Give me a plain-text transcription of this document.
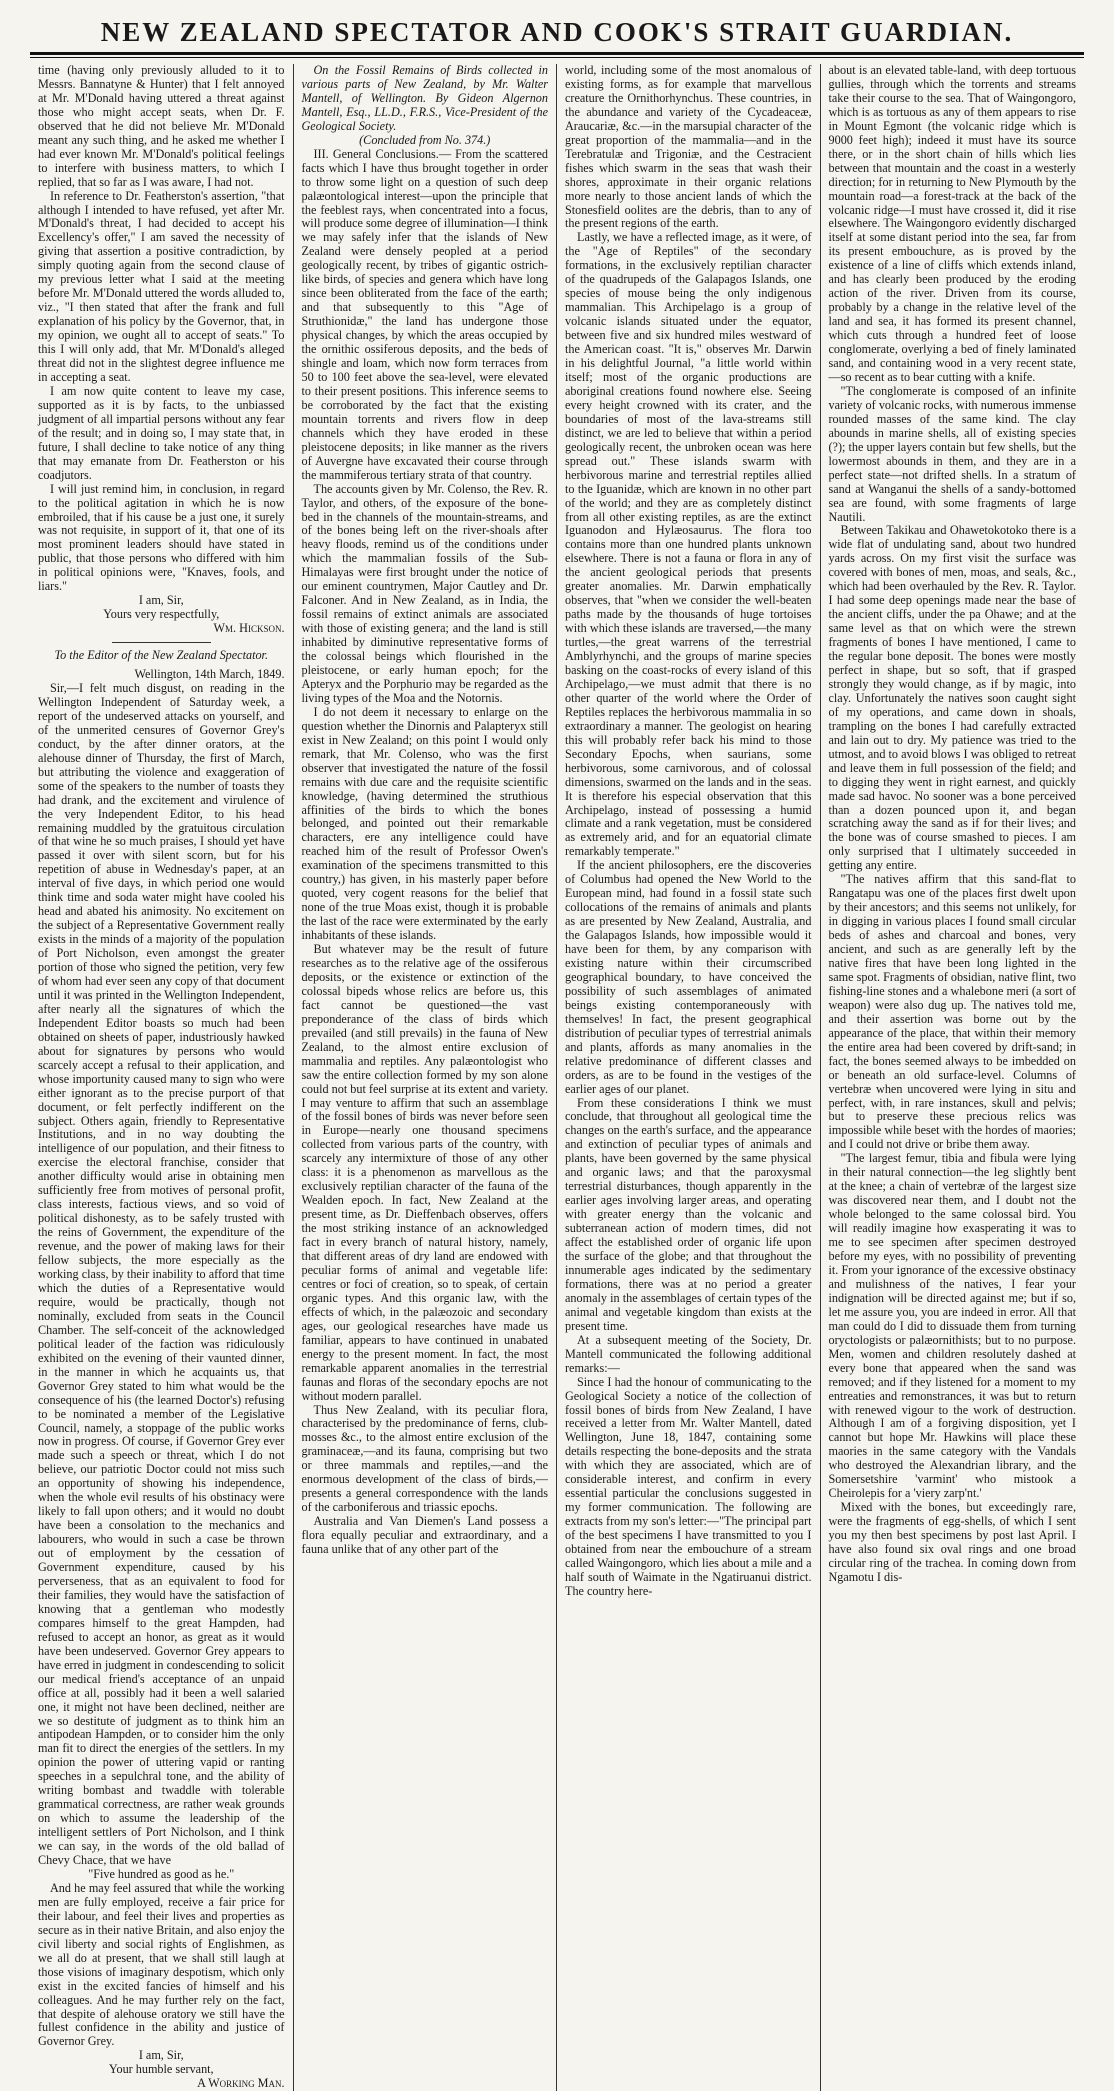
NEW ZEALAND SPECTATOR AND COOK'S STRAIT GUARDIAN.

time (having only previously alluded to it to Messrs. Bannatyne & Hunter) that I felt annoyed at Mr. M'Donald having uttered a threat against those who might accept seats, when Dr. F. observed that he did not believe Mr. M'Donald meant any such thing, and he asked me whether I had ever known Mr. M'Donald's political feelings to interfere with business matters, to which I replied, that so far as I was aware, I had not.

In reference to Dr. Featherston's assertion, "that although I intended to have refused, yet after Mr. M'Donald's threat, I had decided to accept his Excellency's offer," I am saved the necessity of giving that assertion a positive contradiction, by simply quoting again from the second clause of my previous letter what I said at the meeting before Mr. M'Donald uttered the words alluded to, viz., "I then stated that after the frank and full explanation of his policy by the Governor, that, in my opinion, we ought all to accept of seats." To this I will only add, that Mr. M'Donald's alleged threat did not in the slightest degree influence me in accepting a seat.

I am now quite content to leave my case, supported as it is by facts, to the unbiassed judgment of all impartial persons without any fear of the result; and in doing so, I may state that, in future, I shall decline to take notice of any thing that may emanate from Dr. Featherston or his coadjutors.

I will just remind him, in conclusion, in regard to the political agitation in which he is now embroiled, that if his cause be a just one, it surely was not requisite, in support of it, that one of its most prominent leaders should have stated in public, that those persons who differed with him in political opinions were, "Knaves, fools, and liars."

I am, Sir,

Yours very respectfully,

Wm. Hickson.

To the Editor of the New Zealand Spectator.

Wellington, 14th March, 1849.

Sir,—I felt much disgust, on reading in the Wellington Independent of Saturday week, a report of the undeserved attacks on yourself, and of the unmerited censures of Governor Grey's conduct, by the after dinner orators, at the alehouse dinner of Thursday, the first of March, but attributing the violence and exaggeration of some of the speakers to the number of toasts they had drank, and the excitement and virulence of the very Independent Editor, to his head remaining muddled by the gratuitous circulation of that wine he so much praises, I should yet have passed it over with silent scorn, but for his repetition of abuse in Wednesday's paper, at an interval of five days, in which period one would think time and soda water might have cooled his head and abated his animosity. No excitement on the subject of a Representative Government really exists in the minds of a majority of the population of Port Nicholson, even amongst the greater portion of those who signed the petition, very few of whom had ever seen any copy of that document until it was printed in the Wellington Independent, after nearly all the signatures of which the Independent Editor boasts so much had been obtained on sheets of paper, industriously hawked about for signatures by persons who would scarcely accept a refusal to their application, and whose importunity caused many to sign who were either ignorant as to the precise purport of that document, or felt perfectly indifferent on the subject. Others again, friendly to Representative Institutions, and in no way doubting the intelligence of our population, and their fitness to exercise the electoral franchise, consider that another difficulty would arise in obtaining men sufficiently free from motives of personal profit, class interests, factious views, and so void of political dishonesty, as to be safely trusted with the reins of Government, the expenditure of the revenue, and the power of making laws for their fellow subjects, the more especially as the working class, by their inability to afford that time which the duties of a Representative would require, would be practically, though not nominally, excluded from seats in the Council Chamber. The self-conceit of the acknowledged political leader of the faction was ridiculously exhibited on the evening of their vaunted dinner, in the manner in which he acquaints us, that Governor Grey stated to him what would be the consequence of his (the learned Doctor's) refusing to be nominated a member of the Legislative Council, namely, a stoppage of the public works now in progress. Of course, if Governor Grey ever made such a speech or threat, which I do not believe, our patriotic Doctor could not miss such an opportunity of showing his independence, when the whole evil results of his obstinacy were likely to fall upon others; and it would no doubt have been a consolation to the mechanics and labourers, who would in such a case be thrown out of employment by the cessation of Government expenditure, caused by his perverseness, that as an equivalent to food for their families, they would have the satisfaction of knowing that a gentleman who modestly compares himself to the great Hampden, had refused to accept an honor, as great as it would have been undeserved. Governor Grey appears to have erred in judgment in condescending to solicit our medical friend's acceptance of an unpaid office at all, possibly had it been a well salaried one, it might not have been declined, neither are we so destitute of judgment as to think him an antipodean Hampden, or to consider him the only man fit to direct the energies of the settlers. In my opinion the power of uttering vapid or ranting speeches in a sepulchral tone, and the ability of writing bombast and twaddle with tolerable grammatical correctness, are rather weak grounds on which to assume the leadership of the intelligent settlers of Port Nicholson, and I think we can say, in the words of the old ballad of Chevy Chace, that we have

"Five hundred as good as he."

And he may feel assured that while the working men are fully employed, receive a fair price for their labour, and feel their lives and properties as secure as in their native Britain, and also enjoy the civil liberty and social rights of Englishmen, as we all do at present, that we shall still laugh at those visions of imaginary despotism, which only exist in the excited fancies of himself and his colleagues. And he may further rely on the fact, that despite of alehouse oratory we still have the fullest confidence in the ability and justice of Governor Grey.

I am, Sir,

Your humble servant,

A Working Man.

On the Fossil Remains of Birds collected in various parts of New Zealand, by Mr. Walter Mantell, of Wellington. By Gideon Algernon Mantell, Esq., LL.D., F.R.S., Vice-President of the Geological Society.

(Concluded from No. 374.)

III. General Conclusions.— From the scattered facts which I have thus brought together in order to throw some light on a question of such deep palæontological interest—upon the principle that the feeblest rays, when concentrated into a focus, will produce some degree of illumination—I think we may safely infer that the islands of New Zealand were densely peopled at a period geologically recent, by tribes of gigantic ostrich-like birds, of species and genera which have long since been obliterated from the face of the earth; and that subsequently to this "Age of Struthionidæ," the land has undergone those physical changes, by which the areas occupied by the ornithic ossiferous deposits, and the beds of shingle and loam, which now form terraces from 50 to 100 feet above the sea-level, were elevated to their present positions. This inference seems to be corroborated by the fact that the existing mountain torrents and rivers flow in deep channels which they have eroded in these pleistocene deposits; in like manner as the rivers of Auvergne have excavated their course through the mammiferous tertiary strata of that country.

The accounts given by Mr. Colenso, the Rev. R. Taylor, and others, of the exposure of the bone-bed in the channels of the mountain-streams, and of the bones being left on the river-shoals after heavy floods, remind us of the conditions under which the mammalian fossils of the Sub-Himalayas were first brought under the notice of our eminent countrymen, Major Cautley and Dr. Falconer. And in New Zealand, as in India, the fossil remains of extinct animals are associated with those of existing genera; and the land is still inhabited by diminutive representative forms of the colossal beings which flourished in the pleistocene, or early human epoch; for the Apteryx and the Porphurio may be regarded as the living types of the Moa and the Notornis.

I do not deem it necessary to enlarge on the question whether the Dinornis and Palapteryx still exist in New Zealand; on this point I would only remark, that Mr. Colenso, who was the first observer that investigated the nature of the fossil remains with due care and the requisite scientific knowledge, (having determined the struthious affinities of the birds to which the bones belonged, and pointed out their remarkable characters, ere any intelligence could have reached him of the result of Professor Owen's examination of the specimens transmitted to this country,) has given, in his masterly paper before quoted, very cogent reasons for the belief that none of the true Moas exist, though it is probable the last of the race were exterminated by the early inhabitants of these islands.

But whatever may be the result of future researches as to the relative age of the ossiferous deposits, or the existence or extinction of the colossal bipeds whose relics are before us, this fact cannot be questioned—the vast preponderance of the class of birds which prevailed (and still prevails) in the fauna of New Zealand, to the almost entire exclusion of mammalia and reptiles. Any palæontologist who saw the entire collection formed by my son alone could not but feel surprise at its extent and variety. I may venture to affirm that such an assemblage of the fossil bones of birds was never before seen in Europe—nearly one thousand specimens collected from various parts of the country, with scarcely any intermixture of those of any other class: it is a phenomenon as marvellous as the exclusively reptilian character of the fauna of the Wealden epoch. In fact, New Zealand at the present time, as Dr. Dieffenbach observes, offers the most striking instance of an acknowledged fact in every branch of natural history, namely, that different areas of dry land are endowed with peculiar forms of animal and vegetable life: centres or foci of creation, so to speak, of certain organic types. And this organic law, with the effects of which, in the palæozoic and secondary ages, our geological researches have made us familiar, appears to have continued in unabated energy to the present moment. In fact, the most remarkable apparent anomalies in the terrestrial faunas and floras of the secondary epochs are not without modern parallel.

Thus New Zealand, with its peculiar flora, characterised by the predominance of ferns, club-mosses &c., to the almost entire exclusion of the graminaceæ,—and its fauna, comprising but two or three mammals and reptiles,—and the enormous development of the class of birds,—presents a general correspondence with the lands of the carboniferous and triassic epochs.

Australia and Van Diemen's Land possess a flora equally peculiar and extraordinary, and a fauna unlike that of any other part of the

world, including some of the most anomalous of existing forms, as for example that marvellous creature the Ornithorhynchus. These countries, in the abundance and variety of the Cycadeaceæ, Araucariæ, &c.—in the marsupial character of the great proportion of the mammalia—and in the Terebratulæ and Trigoniæ, and the Cestracient fishes which swarm in the seas that wash their shores, approximate in their organic relations more nearly to those ancient lands of which the Stonesfield oolites are the debris, than to any of the present regions of the earth.

Lastly, we have a reflected image, as it were, of the "Age of Reptiles" of the secondary formations, in the exclusively reptilian character of the quadrupeds of the Galapagos Islands, one species of mouse being the only indigenous mammalian. This Archipelago is a group of volcanic islands situated under the equator, between five and six hundred miles westward of the American coast. "It is," observes Mr. Darwin in his delightful Journal, "a little world within itself; most of the organic productions are aboriginal creations found nowhere else. Seeing every height crowned with its crater, and the boundaries of most of the lava-streams still distinct, we are led to believe that within a period geologically recent, the unbroken ocean was here spread out." These islands swarm with herbivorous marine and terrestrial reptiles allied to the Iguanidæ, which are known in no other part of the world; and they are as completely distinct from all other existing reptiles, as are the extinct Iguanodon and Hylæosaurus. The flora too contains more than one hundred plants unknown elsewhere. There is not a fauna or flora in any of the ancient geological periods that presents greater anomalies. Mr. Darwin emphatically observes, that "when we consider the well-beaten paths made by the thousands of huge tortoises with which these islands are traversed,—the many turtles,—the great warrens of the terrestrial Amblyrhynchi, and the groups of marine species basking on the coast-rocks of every island of this Archipelago,—we must admit that there is no other quarter of the world where the Order of Reptiles replaces the herbivorous mammalia in so extraordinary a manner. The geologist on hearing this will probably refer back his mind to those Secondary Epochs, when saurians, some herbivorous, some carnivorous, and of colossal dimensions, swarmed on the lands and in the seas. It is therefore his especial observation that this Archipelago, instead of possessing a humid climate and a rank vegetation, must be considered as extremely arid, and for an equatorial climate remarkably temperate."

If the ancient philosophers, ere the discoveries of Columbus had opened the New World to the European mind, had found in a fossil state such collocations of the remains of animals and plants as are presented by New Zealand, Australia, and the Galapagos Islands, how impossible would it have been for them, by any comparison with existing nature within their circumscribed geographical boundary, to have conceived the possibility of such assemblages of animated beings existing contemporaneously with themselves! In fact, the present geographical distribution of peculiar types of terrestrial animals and plants, affords as many anomalies in the relative predominance of different classes and orders, as are to be found in the vestiges of the earlier ages of our planet.

From these considerations I think we must conclude, that throughout all geological time the changes on the earth's surface, and the appearance and extinction of peculiar types of animals and plants, have been governed by the same physical and organic laws; and that the paroxysmal terrestrial disturbances, though apparently in the earlier ages involving larger areas, and operating with greater energy than the volcanic and subterranean action of modern times, did not affect the established order of organic life upon the surface of the globe; and that throughout the innumerable ages indicated by the sedimentary formations, there was at no period a greater anomaly in the assemblages of certain types of the animal and vegetable kingdom than exists at the present time.

At a subsequent meeting of the Society, Dr. Mantell communicated the following additional remarks:—

Since I had the honour of communicating to the Geological Society a notice of the collection of fossil bones of birds from New Zealand, I have received a letter from Mr. Walter Mantell, dated Wellington, June 18, 1847, containing some details respecting the bone-deposits and the strata with which they are associated, which are of considerable interest, and confirm in every essential particular the conclusions suggested in my former communication. The following are extracts from my son's letter:—"The principal part of the best specimens I have transmitted to you I obtained from near the embouchure of a stream called Waingongoro, which lies about a mile and a half south of Waimate in the Ngatiruanui district. The country here-

about is an elevated table-land, with deep tortuous gullies, through which the torrents and streams take their course to the sea. That of Waingongoro, which is as tortuous as any of them appears to rise in Mount Egmont (the volcanic ridge which is 9000 feet high); indeed it must have its source there, or in the short chain of hills which lies between that mountain and the coast in a westerly direction; for in returning to New Plymouth by the mountain road—a forest-track at the back of the volcanic ridge—I must have crossed it, did it rise elsewhere. The Waingongoro evidently discharged itself at some distant period into the sea, far from its present embouchure, as is proved by the existence of a line of cliffs which extends inland, and has clearly been produced by the eroding action of the river. Driven from its course, probably by a change in the relative level of the land and sea, it has formed its present channel, which cuts through a hundred feet of loose conglomerate, overlying a bed of finely laminated sand, and containing wood in a very recent state,—so recent as to bear cutting with a knife.

"The conglomerate is composed of an infinite variety of volcanic rocks, with numerous immense rounded masses of the same kind. The clay abounds in marine shells, all of existing species (?); the upper layers contain but few shells, but the lowermost abounds in them, and they are in a perfect state—not drifted shells. In a stratum of sand at Wanganui the shells of a sandy-bottomed sea are found, with some fragments of large Nautili.

Between Takikau and Ohawetokotoko there is a wide flat of undulating sand, about two hundred yards across. On my first visit the surface was covered with bones of men, moas, and seals, &c., which had been overhauled by the Rev. R. Taylor. I had some deep openings made near the base of the ancient cliffs, under the pa Ohawe; and at the same level as that on which were the strewn fragments of bones I have mentioned, I came to the regular bone deposit. The bones were mostly perfect in shape, but so soft, that if grasped strongly they would change, as if by magic, into clay. Unfortunately the natives soon caught sight of my operations, and came down in shoals, trampling on the bones I had carefully extracted and lain out to dry. My patience was tried to the utmost, and to avoid blows I was obliged to retreat and leave them in full possession of the field; and to digging they went in right earnest, and quickly made sad havoc. No sooner was a bone perceived than a dozen pounced upon it, and began scratching away the sand as if for their lives; and the bone was of course smashed to pieces. I am only surprised that I ultimately succeeded in getting any entire.

"The natives affirm that this sand-flat to Rangatapu was one of the places first dwelt upon by their ancestors; and this seems not unlikely, for in digging in various places I found small circular beds of ashes and charcoal and bones, very ancient, and such as are generally left by the native fires that have been long lighted in the same spot. Fragments of obsidian, native flint, two fishing-line stones and a whalebone meri (a sort of weapon) were also dug up. The natives told me, and their assertion was borne out by the appearance of the place, that within their memory the entire area had been covered by drift-sand; in fact, the bones seemed always to be imbedded on or beneath an old surface-level. Columns of vertebræ when uncovered were lying in situ and perfect, with, in rare instances, skull and pelvis; but to preserve these precious relics was impossible while beset with the hordes of maories; and I could not drive or bribe them away.

"The largest femur, tibia and fibula were lying in their natural connection—the leg slightly bent at the knee; a chain of vertebræ of the largest size was discovered near them, and I doubt not the whole belonged to the same colossal bird. You will readily imagine how exasperating it was to me to see specimen after specimen destroyed before my eyes, with no possibility of preventing it. From your ignorance of the excessive obstinacy and mulishness of the natives, I fear your indignation will be directed against me; but if so, let me assure you, you are indeed in error. All that man could do I did to dissuade them from turning oryctologists or palæornithists; but to no purpose. Men, women and children resolutely dashed at every bone that appeared when the sand was removed; and if they listened for a moment to my entreaties and remonstrances, it was but to return with renewed vigour to the work of destruction. Although I am of a forgiving disposition, yet I cannot but hope Mr. Hawkins will place these maories in the same category with the Vandals who destroyed the Alexandrian library, and the Somersetshire 'varmint' who mistook a Cheirolepis for a 'viery zarp'nt.'

Mixed with the bones, but exceedingly rare, were the fragments of egg-shells, of which I sent you my then best specimens by post last April. I have also found six oval rings and one broad circular ring of the trachea. In coming down from Ngamotu I dis-
